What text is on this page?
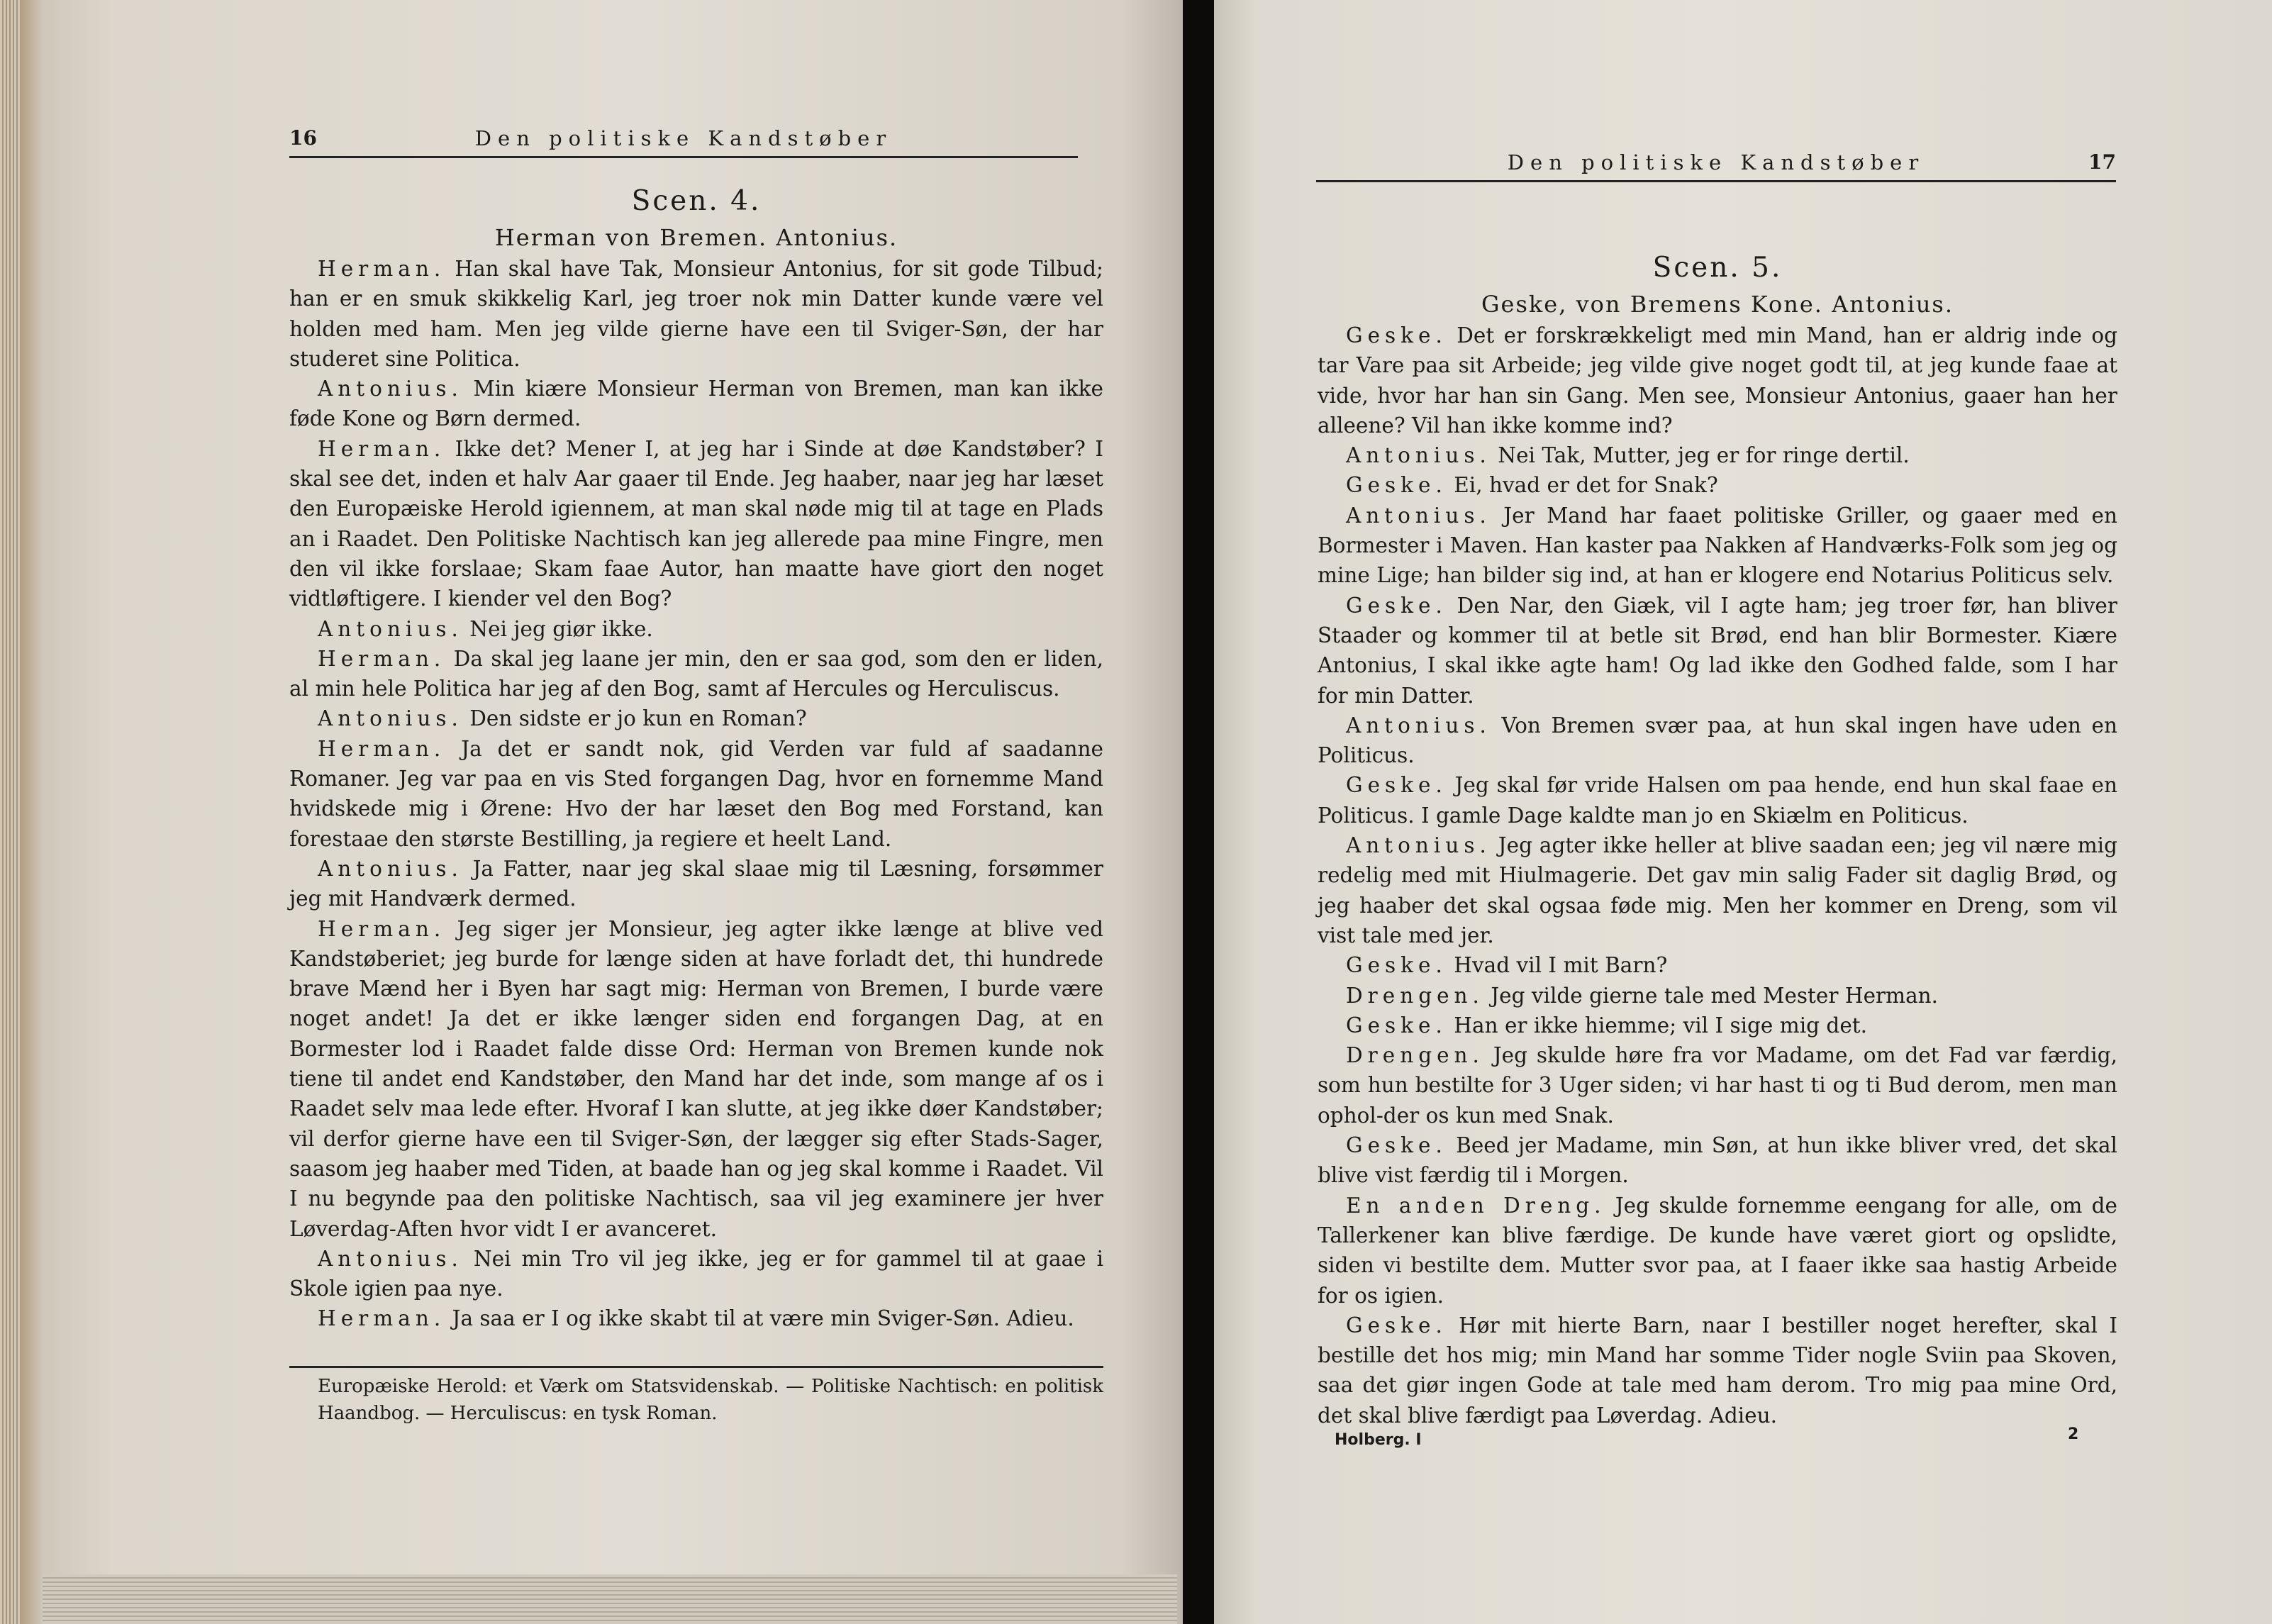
16	Den politiske Kandstøber

Scen. 4.

Herman von Bremen. Antonius.

Herman. Han skal have Tak, Monsieur Antonius, for sit gode Tilbud; han er en smuk skikkelig Karl, jeg troer nok min Datter kunde være vel holden med ham. Men jeg vilde gierne have een til Sviger-Søn, der har studeret sine Politica.

Antonius. Min kiære Monsieur Herman von Bremen, man kan ikke føde Kone og Børn dermed.

Herman. Ikke det? Mener I, at jeg har i Sinde at døe Kandstøber? I skal see det, inden et halv Aar gaaer til Ende. Jeg haaber, naar jeg har læset den Europæiske Herold igiennem, at man skal nøde mig til at tage en Plads an i Raadet. Den Politiske Nachtisch kan jeg allerede paa mine Fingre, men den vil ikke forslaae; Skam faae Autor, han maatte have giort den noget vidtløftigere. I kiender vel den Bog?

Antonius. Nei jeg giør ikke.

Herman. Da skal jeg laane jer min, den er saa god, som den er liden, al min hele Politica har jeg af den Bog, samt af Hercules og Herculiscus.

Antonius. Den sidste er jo kun en Roman?

Herman. Ja det er sandt nok, gid Verden var fuld af saadanne Romaner. Jeg var paa en vis Sted forgangen Dag, hvor en fornemme Mand hvidskede mig i Ørene: Hvo der har læset den Bog med Forstand, kan forestaae den største Bestilling, ja regiere et heelt Land.

Antonius. Ja Fatter, naar jeg skal slaae mig til Læsning, forsømmer jeg mit Handværk dermed.

Herman. Jeg siger jer Monsieur, jeg agter ikke længe at blive ved Kandstøberiet; jeg burde for længe siden at have forladt det, thi hundrede brave Mænd her i Byen har sagt mig: Herman von Bremen, I burde være noget andet! Ja det er ikke længer siden end forgangen Dag, at en Bormester lod i Raadet falde disse Ord: Herman von Bremen kunde nok tiene til andet end Kandstøber, den Mand har det inde, som mange af os i Raadet selv maa lede efter. Hvoraf I kan slutte, at jeg ikke døer Kandstøber; vil derfor gierne have een til Sviger-Søn, der lægger sig efter Stads-Sager, saasom jeg haaber med Tiden, at baade han og jeg skal komme i Raadet. Vil I nu begynde paa den politiske Nachtisch, saa vil jeg examinere jer hver Løverdag-Aften hvor vidt I er avanceret.

Antonius. Nei min Tro vil jeg ikke, jeg er for gammel til at gaae i Skole igien paa nye.

Herman. Ja saa er I og ikke skabt til at være min Sviger-Søn. Adieu.

Europæiske Herold: et Værk om Statsvidenskab. — Politiske Nachtisch: en politisk Haandbog. — Herculiscus: en tysk Roman.
Den politiske Kandstøber	17

Scen. 5.

Geske, von Bremens Kone. Antonius.

Geske. Det er forskrækkeligt med min Mand, han er aldrig inde og tar Vare paa sit Arbeide; jeg vilde give noget godt til, at jeg kunde faae at vide, hvor har han sin Gang. Men see, Monsieur Antonius, gaaer han her alleene? Vil han ikke komme ind?

Antonius. Nei Tak, Mutter, jeg er for ringe dertil.

Geske. Ei, hvad er det for Snak?

Antonius. Jer Mand har faaet politiske Griller, og gaaer med en Bormester i Maven. Han kaster paa Nakken af Handværks-Folk som jeg og mine Lige; han bilder sig ind, at han er klogere end Notarius Politicus selv.

Geske. Den Nar, den Giæk, vil I agte ham; jeg troer før, han bliver Staader og kommer til at betle sit Brød, end han blir Bormester. Kiære Antonius, I skal ikke agte ham! Og lad ikke den Godhed falde, som I har for min Datter.

Antonius. Von Bremen svær paa, at hun skal ingen have uden en Politicus.

Geske. Jeg skal før vride Halsen om paa hende, end hun skal faae en Politicus. I gamle Dage kaldte man jo en Skiælm en Politicus.

Antonius. Jeg agter ikke heller at blive saadan een; jeg vil nære mig redelig med mit Hiulmagerie. Det gav min salig Fader sit daglig Brød, og jeg haaber det skal ogsaa føde mig. Men her kommer en Dreng, som vil vist tale med jer.

Geske. Hvad vil I mit Barn?

Drengen. Jeg vilde gierne tale med Mester Herman.

Geske. Han er ikke hiemme; vil I sige mig det.

Drengen. Jeg skulde høre fra vor Madame, om det Fad var færdig, som hun bestilte for 3 Uger siden; vi har hast ti og ti Bud derom, men man ophol-der os kun med Snak.

Geske. Beed jer Madame, min Søn, at hun ikke bliver vred, det skal blive vist færdig til i Morgen.

En anden Dreng. Jeg skulde fornemme eengang for alle, om de Tallerkener kan blive færdige. De kunde have været giort og opslidte, siden vi bestilte dem. Mutter svor paa, at I faaer ikke saa hastig Arbeide for os igien.

Geske. Hør mit hierte Barn, naar I bestiller noget herefter, skal I bestille det hos mig; min Mand har somme Tider nogle Sviin paa Skoven, saa det giør ingen Gode at tale med ham derom. Tro mig paa mine Ord, det skal blive færdigt paa Løverdag. Adieu.

Holberg. I	2
